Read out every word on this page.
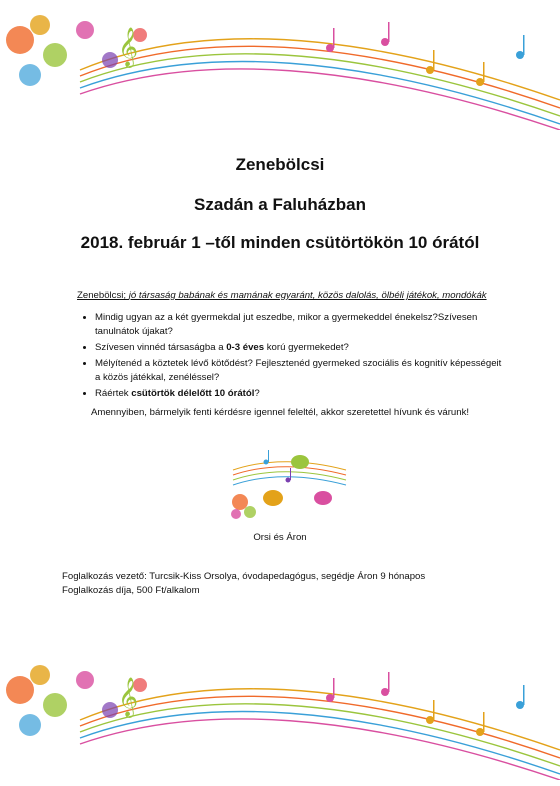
𝄞
Zenebölcsi
Szadán a Faluházban
2018. február 1 –től minden csütörtökön 10 órától

Zenebölcsi; jó társaság babának és mamának egyaránt, közös dalolás, ölbéli játékok, mondókák

• Mindig ugyan az a két gyermekdal jut eszedbe, mikor a gyermekeddel énekelsz?Szívesen tanulnátok újakat?
• Szívesen vinnéd társaságba a 0-3 éves korú gyermekedet?
• Mélyítenéd a köztetek lévő kötődést? Fejlesztenéd gyermeked szociális és kognitív képességeit a közös játékkal, zenéléssel?
• Ráértek csütörtök délelőtt 10 órától?

Amennyiben, bármelyik fenti kérdésre igennel feleltél, akkor szeretettel hívunk és várunk!

Orsi és Áron

Foglalkozás vezető: Turcsik-Kiss Orsolya, óvodapedagógus, segédje Áron 9 hónapos
Foglalkozás díja, 500 Ft/alkalom
𝄞
